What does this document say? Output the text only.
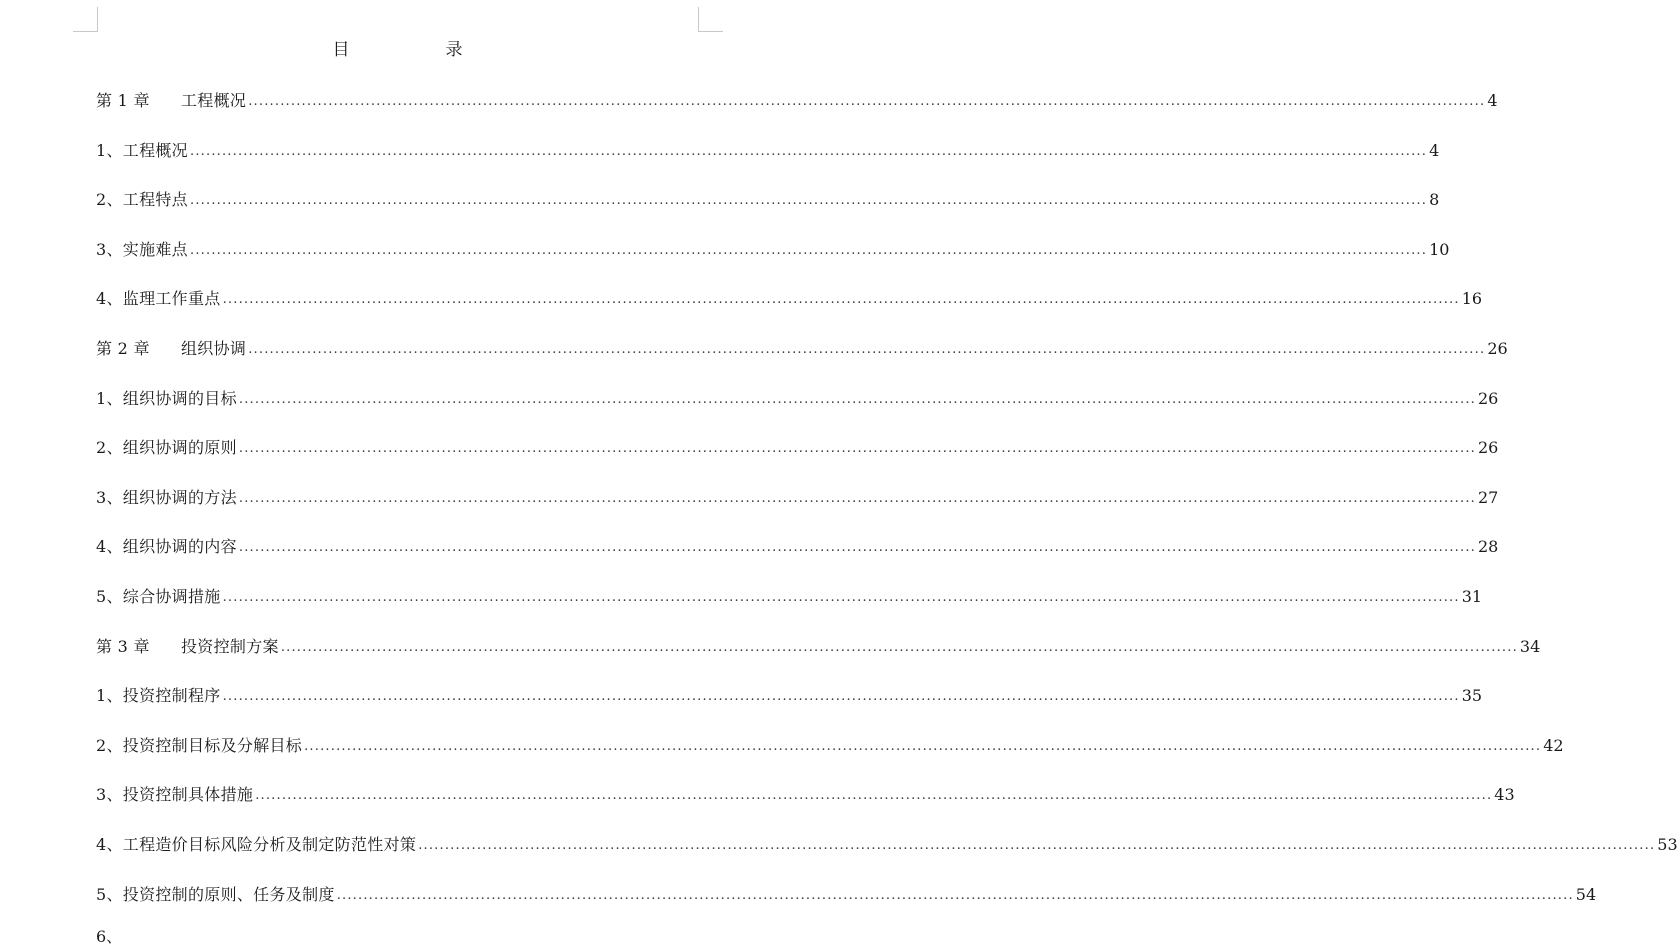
目	录
第 1 章 工程概况 .....	4
1、工程概况 .....	4
2、工程特点 .....	8
3、实施难点 .....	10
4、监理工作重点 .....	16
第 2 章 组织协调 .....	26
1、组织协调的目标 .....	26
2、组织协调的原则 .....	26
3、组织协调的方法 .....	27
4、组织协调的内容 .....	28
5、综合协调措施 .....	31
第 3 章 投资控制方案 .....	34
1、投资控制程序 .....	35
2、投资控制目标及分解目标 .....	42
3、投资控制具体措施 .....	43
4、工程造价目标风险分析及制定防范性对策 .....	53
5、投资控制的原则、任务及制度 .....	54
6、
